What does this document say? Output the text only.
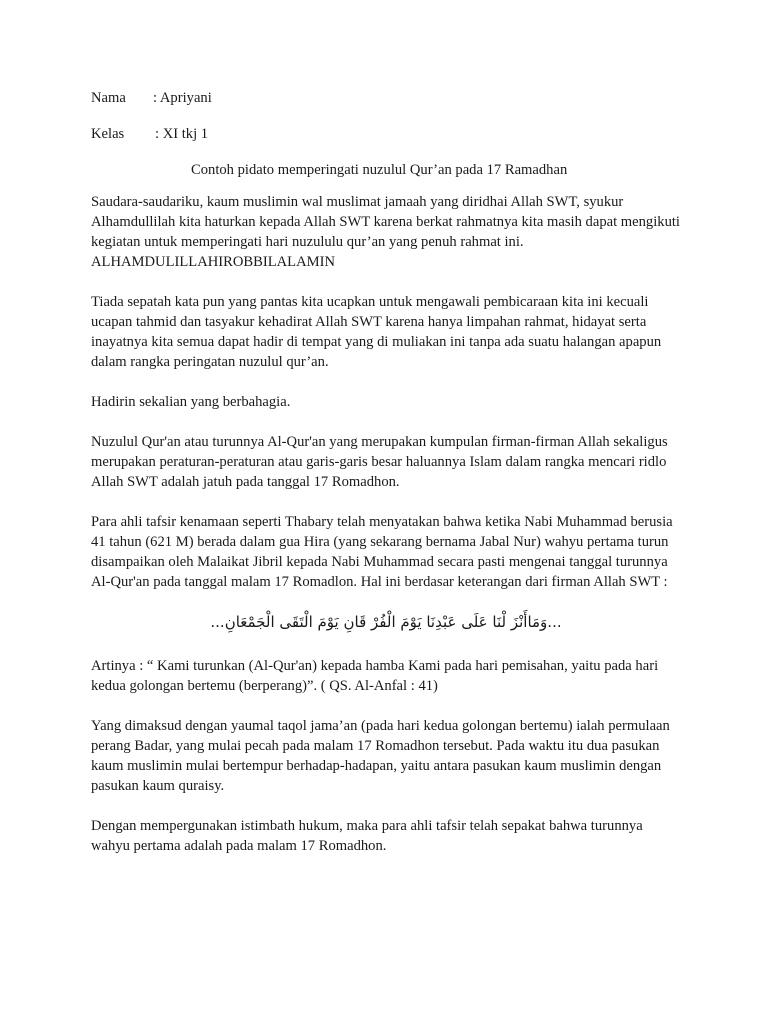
Nama	: Apriyani
Kelas	: XI tkj 1
Contoh pidato memperingati nuzulul Qur’an pada 17 Ramadhan

Saudara-saudariku, kaum muslimin wal muslimat jamaah yang diridhai Allah SWT, syukur Alhamdullilah kita haturkan kepada Allah SWT karena berkat rahmatnya kita masih dapat mengikuti kegiatan untuk memperingati hari nuzululu qur’an yang penuh rahmat ini.
ALHAMDULILLAHIROBBILALAMIN

Tiada sepatah kata pun yang pantas kita ucapkan untuk mengawali pembicaraan kita ini kecuali ucapan tahmid dan tasyakur kehadirat Allah SWT karena hanya limpahan rahmat, hidayat serta inayatnya kita semua dapat hadir di tempat yang di muliakan ini tanpa ada suatu halangan apapun dalam rangka peringatan nuzulul qur’an.

Hadirin sekalian yang berbahagia.

Nuzulul Qur'an atau turunnya Al-Qur'an yang merupakan kumpulan firman-firman Allah sekaligus merupakan peraturan-peraturan atau garis-garis besar haluannya Islam dalam rangka mencari ridlo Allah SWT adalah jatuh pada tanggal 17 Romadhon.

Para ahli tafsir kenamaan seperti Thabary telah menyatakan bahwa ketika Nabi Muhammad berusia 41 tahun (621 M) berada dalam gua Hira (yang sekarang bernama Jabal Nur) wahyu pertama turun disampaikan oleh Malaikat Jibril kepada Nabi Muhammad secara pasti mengenai tanggal turunnya Al-Qur'an pada tanggal malam 17 Romadlon. Hal ini berdasar keterangan dari firman Allah SWT :

...وَمَاأَنْزَ لْنَا عَلَى عَبْدِنَا يَوْمَ الْفُرْ قَانِ يَوْمَ الْتَقَى الْجَمْعَانِ...

Artinya : “ Kami turunkan (Al-Qur'an) kepada hamba Kami pada hari pemisahan, yaitu pada hari kedua golongan bertemu (berperang)”. ( QS. Al-Anfal : 41)

Yang dimaksud dengan yaumal taqol jama’an (pada hari kedua golongan bertemu) ialah permulaan perang Badar, yang mulai pecah pada malam 17 Romadhon tersebut. Pada waktu itu dua pasukan kaum muslimin mulai bertempur berhadap-hadapan, yaitu antara pasukan kaum muslimin dengan pasukan kaum quraisy.

Dengan mempergunakan istimbath hukum, maka para ahli tafsir telah sepakat bahwa turunnya wahyu pertama adalah pada malam 17 Romadhon.
